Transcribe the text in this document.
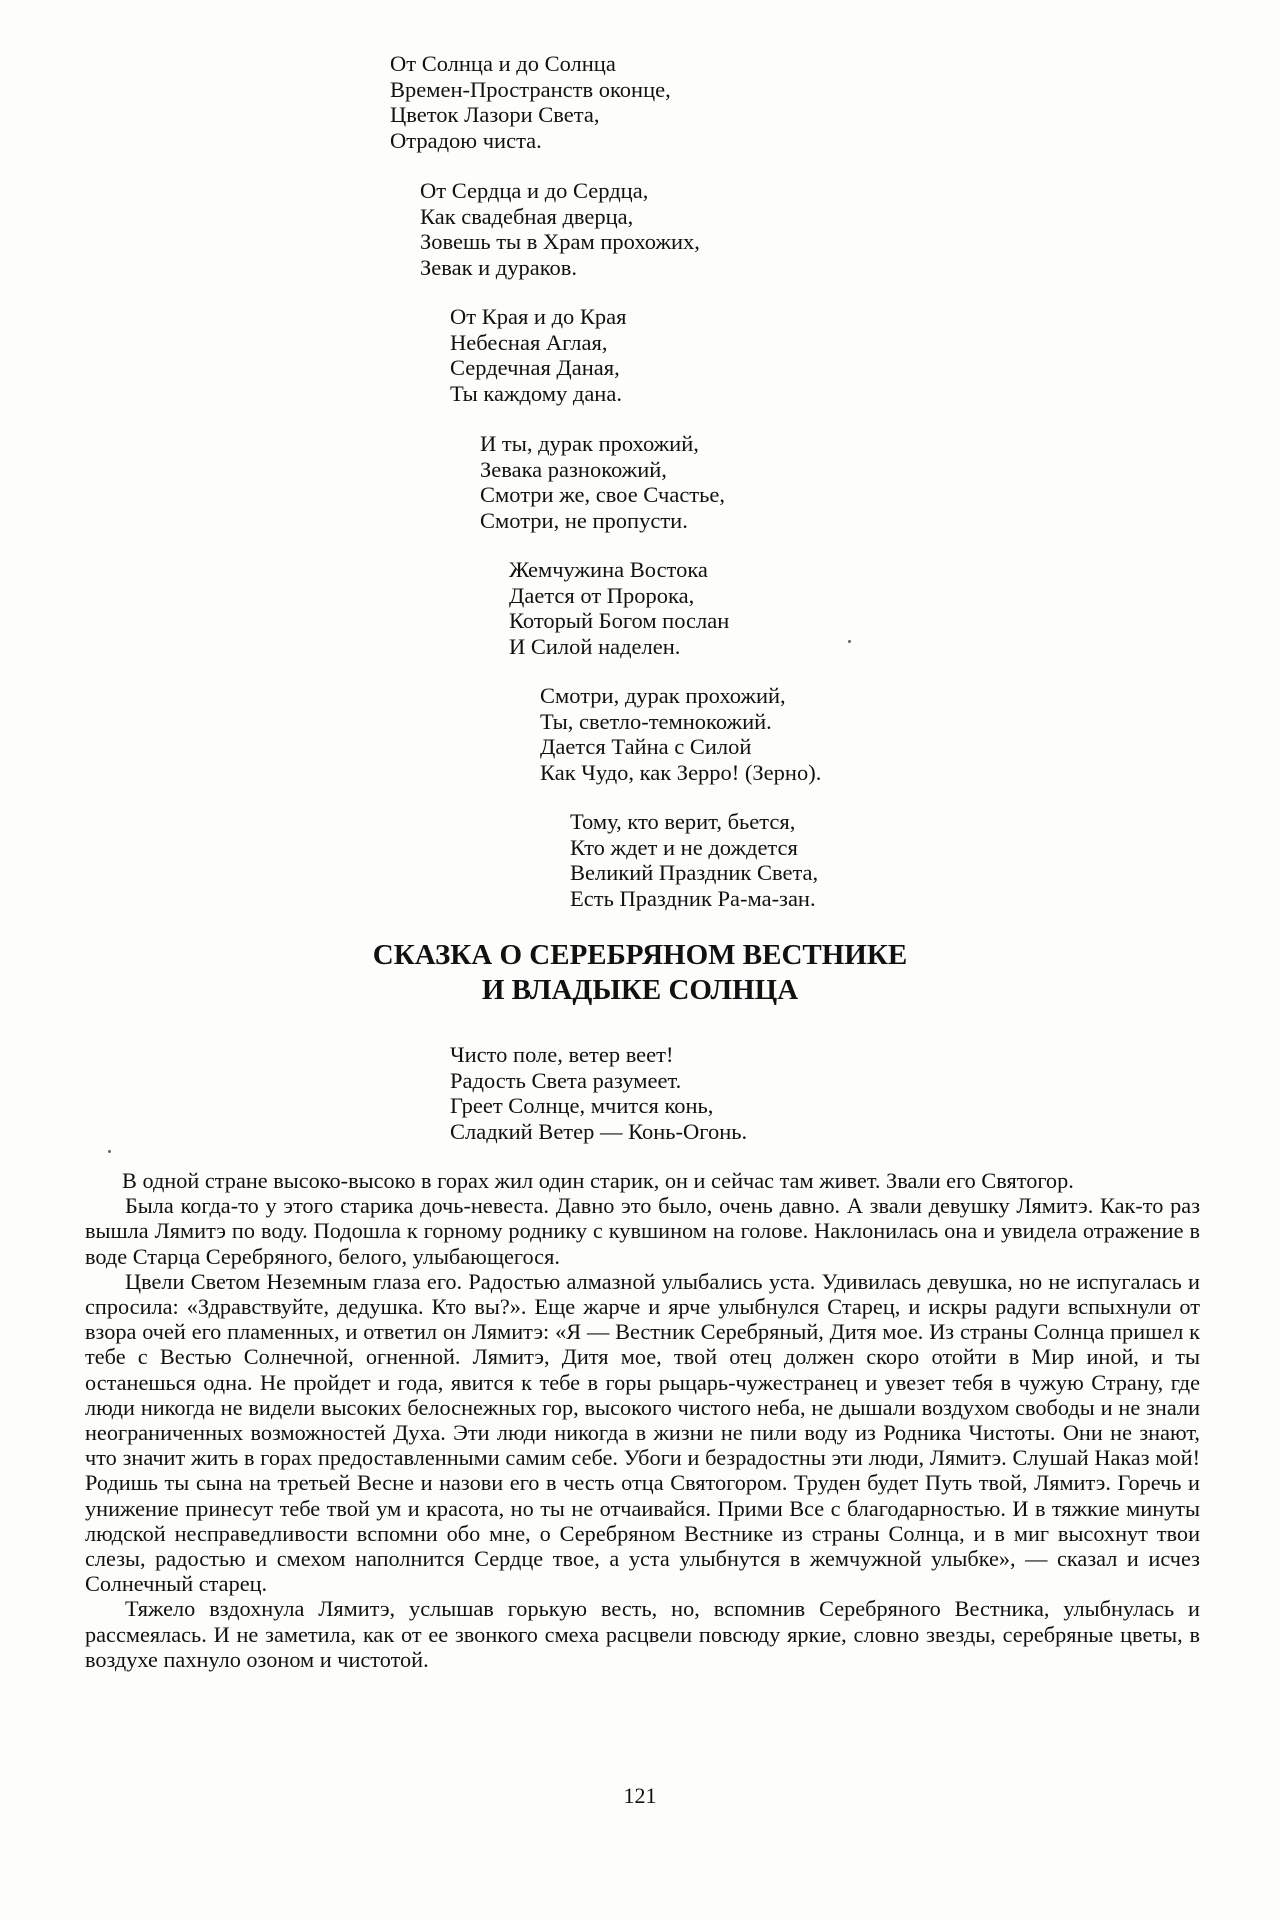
От Солнца и до Солнца
Времен-Пространств оконце,
Цветок Лазори Света,
Отрадою чиста.
От Сердца и до Сердца,
Как свадебная дверца,
Зовешь ты в Храм прохожих,
Зевак и дураков.
От Края и до Края
Небесная Аглая,
Сердечная Даная,
Ты каждому дана.
И ты, дурак прохожий,
Зевака разнокожий,
Смотри же, свое Счастье,
Смотри, не пропусти.
Жемчужина Востока
Дается от Пророка,
Который Богом послан
И Силой наделен.
Смотри, дурак прохожий,
Ты, светло-темнокожий.
Дается Тайна с Силой
Как Чудо, как Зерро! (Зерно).
Тому, кто верит, бьется,
Кто ждет и не дождется
Великий Праздник Света,
Есть Праздник Ра-ма-зан.
СКАЗКА О СЕРЕБРЯНОМ ВЕСТНИКЕ
И ВЛАДЫКЕ СОЛНЦА
Чисто поле, ветер веет!
Радость Света разумеет.
Греет Солнце, мчится конь,
Сладкий Ветер — Конь-Огонь.

В одной стране высоко-высоко в горах жил один старик, он и сейчас там живет. Звали его Святогор.

Была когда-то у этого старика дочь-невеста. Давно это было, очень давно. А звали девушку Лямитэ. Как-то раз вышла Лямитэ по воду. Подошла к горному роднику с кувшином на голове. Наклонилась она и увидела отражение в воде Старца Серебряного, белого, улыбающегося.

Цвели Светом Неземным глаза его. Радостью алмазной улыбались уста. Удивилась девушка, но не испугалась и спросила: «Здравствуйте, дедушка. Кто вы?». Еще жарче и ярче улыбнулся Старец, и искры радуги вспыхнули от взора очей его пламенных, и ответил он Лямитэ: «Я — Вестник Серебряный, Дитя мое. Из страны Солнца пришел к тебе с Вестью Солнечной, огненной. Лямитэ, Дитя мое, твой отец должен скоро отойти в Мир иной, и ты останешься одна. Не пройдет и года, явится к тебе в горы рыцарь-чужестранец и увезет тебя в чужую Страну, где люди никогда не видели высоких белоснежных гор, высокого чистого неба, не дышали воздухом свободы и не знали неограниченных возможностей Духа. Эти люди никогда в жизни не пили воду из Родника Чистоты. Они не знают, что значит жить в горах предоставленными самим себе. Убоги и безрадостны эти люди, Лямитэ. Слушай Наказ мой! Родишь ты сына на третьей Весне и назови его в честь отца Святогором. Труден будет Путь твой, Лямитэ. Горечь и унижение принесут тебе твой ум и красота, но ты не отчаивайся. Прими Все с благодарностью. И в тяжкие минуты людской несправедливости вспомни обо мне, о Серебряном Вестнике из страны Солнца, и в миг высохнут твои слезы, радостью и смехом наполнится Сердце твое, а уста улыбнутся в жемчужной улыбке», — сказал и исчез Солнечный старец.

Тяжело вздохнула Лямитэ, услышав горькую весть, но, вспомнив Серебряного Вестника, улыбнулась и рассмеялась. И не заметила, как от ее звонкого смеха расцвели повсюду яркие, словно звезды, серебряные цветы, в воздухе пахнуло озоном и чистотой.

121
